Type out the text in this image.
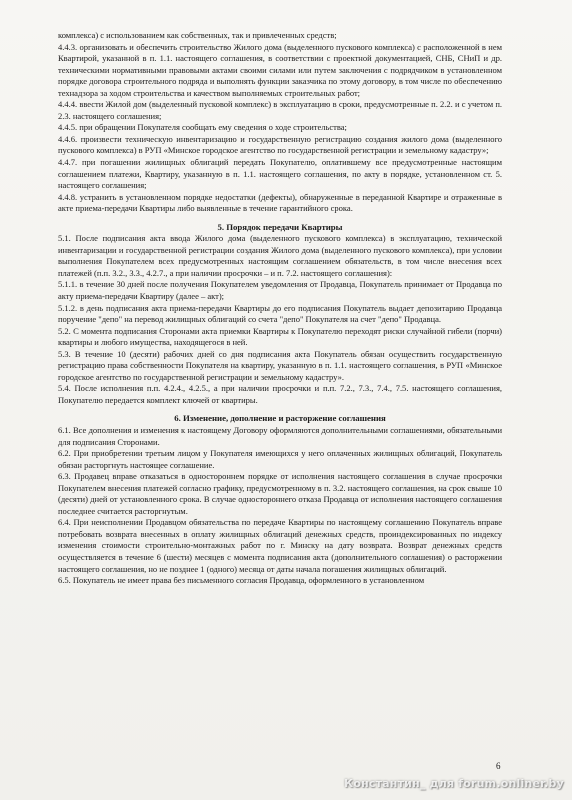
комплекса) с использованием как собственных, так и привлеченных средств;

4.4.3. организовать и обеспечить строительство Жилого дома (выделенного пускового комплекса) с расположенной в нем Квартирой, указанной в п. 1.1. настоящего соглашения, в соответствии с проектной документацией, СНБ, СНиП и др. техническими нормативными правовыми актами своими силами или путем заключения с подрядчиком в установленном порядке договора строительного подряда и выполнять функции заказчика по этому договору, в том числе по обеспечению технадзора за ходом строительства и качеством выполняемых строительных работ;

4.4.4. ввести Жилой дом (выделенный пусковой комплекс) в эксплуатацию в сроки, предусмотренные п. 2.2. и с учетом п. 2.3. настоящего соглашения;

4.4.5. при обращении Покупателя сообщать ему сведения о ходе строительства;

4.4.6. произвести техническую инвентаризацию и государственную регистрацию создания жилого дома (выделенного пускового комплекса) в РУП «Минское городское агентство по государственной регистрации и земельному кадастру»;

4.4.7. при погашении жилищных облигаций передать Покупателю, оплатившему все предусмотренные настоящим соглашением платежи, Квартиру, указанную в п. 1.1. настоящего соглашения, по акту в порядке, установленном ст. 5. настоящего соглашения;

4.4.8. устранить в установленном порядке недостатки (дефекты), обнаруженные в переданной Квартире и отраженные в акте приема-передачи Квартиры либо выявленные в течение гарантийного срока.

5. Порядок передачи Квартиры

5.1. После подписания акта ввода Жилого дома (выделенного пускового комплекса) в эксплуатацию, технической инвентаризации и государственной регистрации создания Жилого дома (выделенного пускового комплекса), при условии выполнения Покупателем всех предусмотренных настоящим соглашением обязательств, в том числе внесения всех платежей (п.п. 3.2., 3.3., 4.2.7., а при наличии просрочки – и п. 7.2. настоящего соглашения):

5.1.1. в течение 30 дней после получения Покупателем уведомления от Продавца, Покупатель принимает от Продавца по акту приема-передачи Квартиру (далее – акт);

5.1.2. в день подписания акта приема-передачи Квартиры до его подписания Покупатель выдает депозитарию Продавца поручение "депо" на перевод жилищных облигаций со счета "депо" Покупателя на счет "депо" Продавца.

5.2. С момента подписания Сторонами акта приемки Квартиры к Покупателю переходят риски случайной гибели (порчи) квартиры и любого имущества, находящегося в ней.

5.3. В течение 10 (десяти) рабочих дней со дня подписания акта Покупатель обязан осуществить государственную регистрацию права собственности Покупателя на квартиру, указанную в п. 1.1. настоящего соглашения, в РУП «Минское городское агентство по государственной регистрации и земельному кадастру».

5.4. После исполнения п.п. 4.2.4., 4.2.5., а при наличии просрочки и п.п. 7.2., 7.3., 7.4., 7.5. настоящего соглашения, Покупателю передается комплект ключей от квартиры.

6. Изменение, дополнение и расторжение соглашения

6.1. Все дополнения и изменения к настоящему Договору оформляются дополнительными соглашениями, обязательными для подписания Сторонами.

6.2. При приобретении третьим лицом у Покупателя имеющихся у него оплаченных жилищных облигаций, Покупатель обязан расторгнуть настоящее соглашение.

6.3. Продавец вправе отказаться в одностороннем порядке от исполнения настоящего соглашения в случае просрочки Покупателем внесения платежей согласно графику, предусмотренному в п. 3.2. настоящего соглашения, на срок свыше 10 (десяти) дней от установленного срока. В случае одностороннего отказа Продавца от исполнения настоящего соглашения последнее считается расторгнутым.

6.4. При неисполнении Продавцом обязательства по передаче Квартиры по настоящему соглашению Покупатель вправе потребовать возврата внесенных в оплату жилищных облигаций денежных средств, проиндексированных по индексу изменения стоимости строительно-монтажных работ по г. Минску на дату возврата. Возврат денежных средств осуществляется в течение 6 (шести) месяцев с момента подписания акта (дополнительного соглашения) о расторжении настоящего соглашения, но не позднее 1 (одного) месяца от даты начала погашения жилищных облигаций.

6.5. Покупатель не имеет права без письменного согласия Продавца, оформленного в установленном

6
Константин_ для forum.onliner.by
